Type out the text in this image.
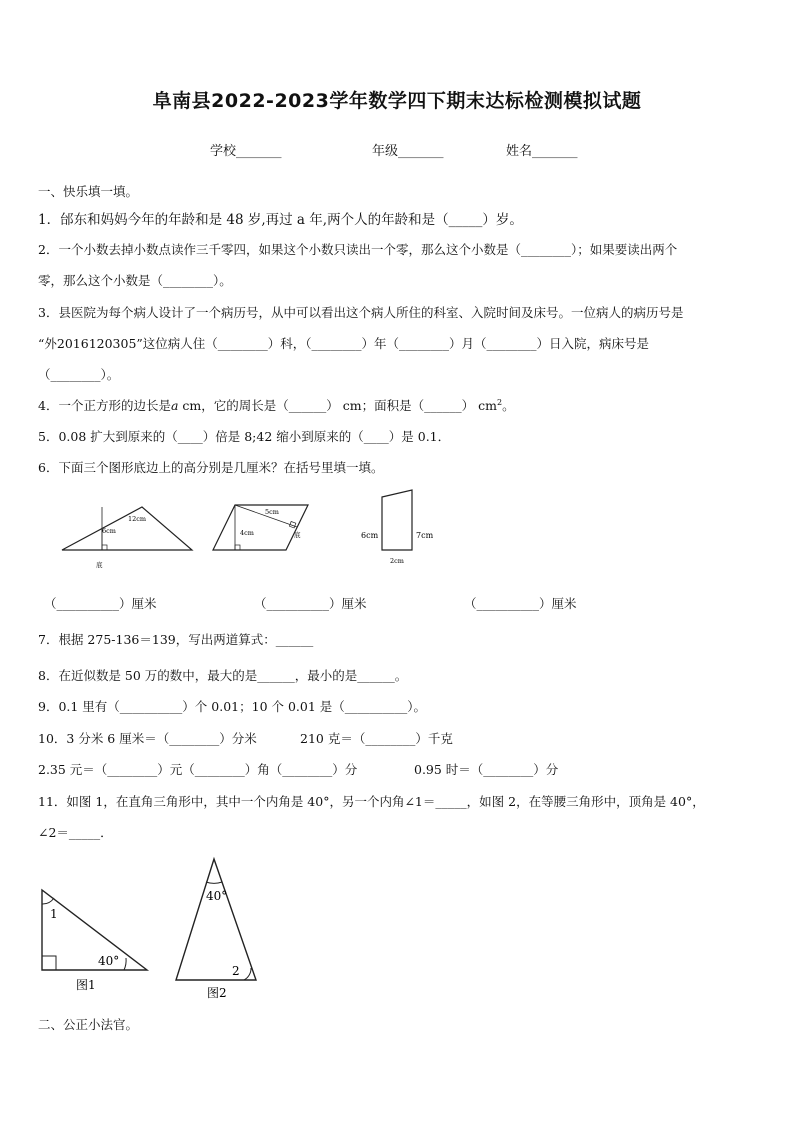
阜南县2022-2023学年数学四下期末达标检测模拟试题
学校_______	年级_______	姓名_______
一、快乐填一填。
1．邰东和妈妈今年的年龄和是 48 岁,再过 a 年,两个人的年龄和是（_____）岁。
2．一个小数去掉小数点读作三千零四，如果这个小数只读出一个零，那么这个小数是（________）；如果要读出两个
零，那么这个小数是（________）。
3．县医院为每个病人设计了一个病历号，从中可以看出这个病人所住的科室、入院时间及床号。一位病人的病历号是
“外2016120305”这位病人住（________）科，（________）年（________）月（________）日入院，病床号是
（________）。
4．一个正方形的边长是a cm，它的周长是（______） cm；面积是（______） $cm^2$。
5．0.08 扩大到原来的（____）倍是 8;42 缩小到原来的（____）是 0.1．
6．下面三个图形底边上的高分别是几厘米？在括号里填一填。
12cm
6cm
底
5cm
4cm	底	6cm	7cm
2cm
（__________）厘米	（__________）厘米	（__________）厘米
7．根据 275-136＝139，写出两道算式：______
8．在近似数是 50 万的数中，最大的是______，最小的是______。
9．0.1 里有（__________）个 0.01；10 个 0.01 是（__________）。
10．3 分米 6 厘米＝（________）分米	210 克＝（________）千克
2.35 元＝（________）元（________）角（________）分	0.95 时＝（________）分
11．如图 1，在直角三角形中，其中一个内角是 40°，另一个内角∠1＝_____，如图 2，在等腰三角形中，顶角是 40°，
∠2＝_____．
1
40°
图1
40°
2
图2
二、公正小法官。
